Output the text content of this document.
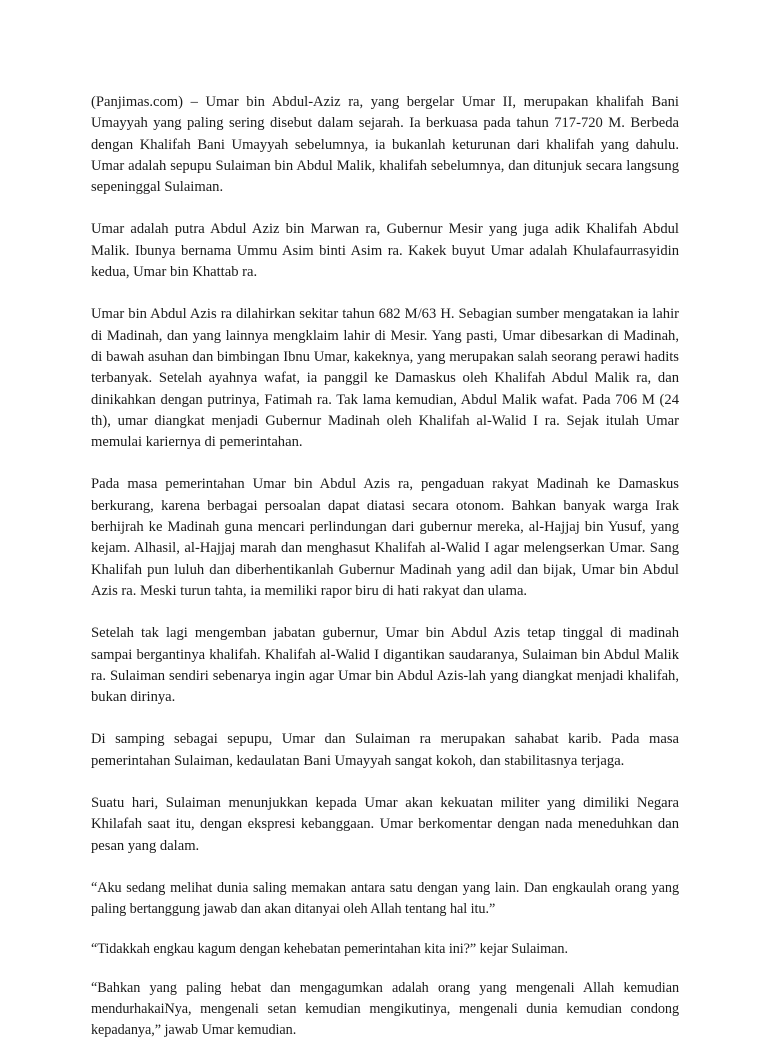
(Panjimas.com) – Umar bin Abdul-Aziz ra, yang bergelar Umar II, merupakan khalifah Bani Umayyah yang paling sering disebut dalam sejarah. Ia berkuasa pada tahun 717-720 M. Berbeda dengan Khalifah Bani Umayyah sebelumnya, ia bukanlah keturunan dari khalifah yang dahulu. Umar adalah sepupu Sulaiman bin Abdul Malik, khalifah sebelumnya, dan ditunjuk secara langsung sepeninggal Sulaiman.

Umar adalah putra Abdul Aziz bin Marwan ra, Gubernur Mesir yang juga adik Khalifah Abdul Malik. Ibunya bernama Ummu Asim binti Asim ra. Kakek buyut Umar adalah Khulafaurrasyidin kedua, Umar bin Khattab ra.

Umar bin Abdul Azis ra dilahirkan sekitar tahun 682 M/63 H. Sebagian sumber mengatakan ia lahir di Madinah, dan yang lainnya mengklaim lahir di Mesir. Yang pasti, Umar dibesarkan di Madinah, di bawah asuhan dan bimbingan Ibnu Umar, kakeknya, yang merupakan salah seorang perawi hadits terbanyak. Setelah ayahnya wafat, ia panggil ke Damaskus oleh Khalifah Abdul Malik ra, dan dinikahkan dengan putrinya, Fatimah ra. Tak lama kemudian, Abdul Malik wafat. Pada 706 M (24 th), umar diangkat menjadi Gubernur Madinah oleh Khalifah al-Walid I ra. Sejak itulah Umar memulai kariernya di pemerintahan.

Pada masa pemerintahan Umar bin Abdul Azis ra, pengaduan rakyat Madinah ke Damaskus berkurang, karena berbagai persoalan dapat diatasi secara otonom. Bahkan banyak warga Irak berhijrah ke Madinah guna mencari perlindungan dari gubernur mereka, al-Hajjaj bin Yusuf, yang kejam. Alhasil, al-Hajjaj marah dan menghasut Khalifah al-Walid I agar melengserkan Umar. Sang Khalifah pun luluh dan diberhentikanlah Gubernur Madinah yang adil dan bijak, Umar bin Abdul Azis ra. Meski turun tahta, ia memiliki rapor biru di hati rakyat dan ulama.

Setelah tak lagi mengemban jabatan gubernur, Umar bin Abdul Azis tetap tinggal di madinah sampai bergantinya khalifah. Khalifah al-Walid I digantikan saudaranya, Sulaiman bin Abdul Malik ra. Sulaiman sendiri sebenarya ingin agar Umar bin Abdul Azis-lah yang diangkat menjadi khalifah, bukan dirinya.

Di samping sebagai sepupu, Umar dan Sulaiman ra merupakan sahabat karib. Pada masa pemerintahan Sulaiman, kedaulatan Bani Umayyah sangat kokoh, dan stabilitasnya terjaga.

Suatu hari, Sulaiman menunjukkan kepada Umar akan kekuatan militer yang dimiliki Negara Khilafah saat itu, dengan ekspresi kebanggaan. Umar berkomentar dengan nada meneduhkan dan pesan yang dalam.

“Aku sedang melihat dunia saling memakan antara satu dengan yang lain. Dan engkaulah orang yang paling bertanggung jawab dan akan ditanyai oleh Allah tentang hal itu.”

“Tidakkah engkau kagum dengan kehebatan pemerintahan kita ini?” kejar Sulaiman.

“Bahkan yang paling hebat dan mengagumkan adalah orang yang mengenali Allah kemudian mendurhakaiNya, mengenali setan kemudian mengikutinya, mengenali dunia kemudian condong kepadanya,” jawab Umar kemudian.
